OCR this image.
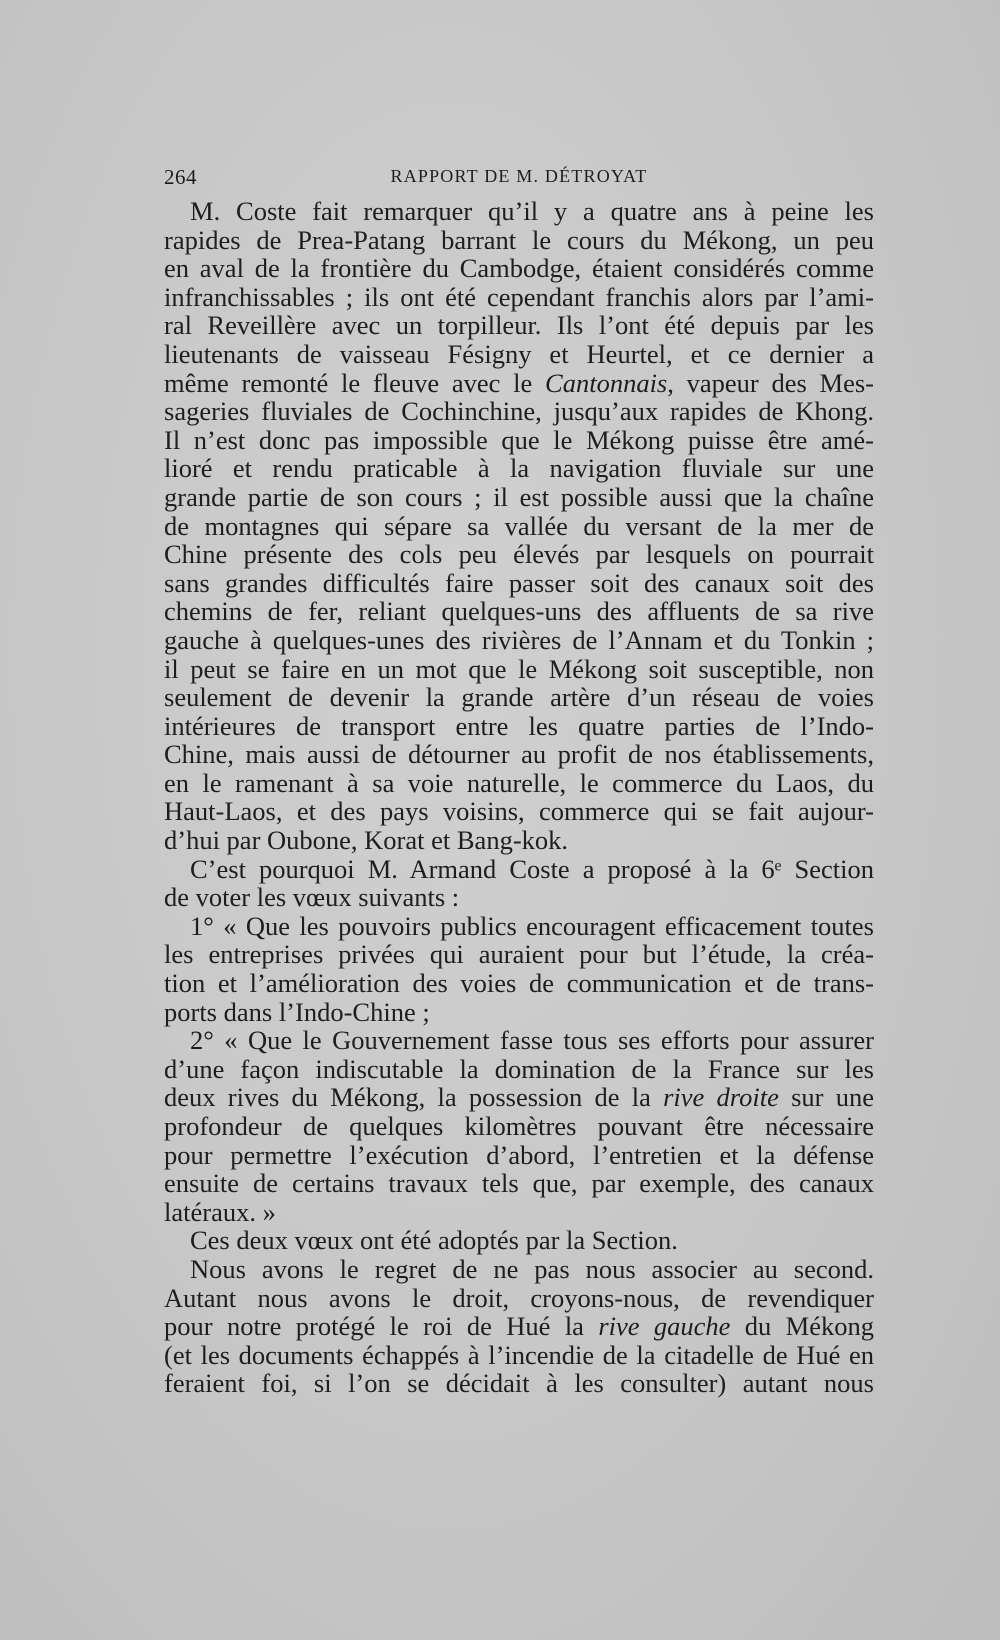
264	RAPPORT DE M. DÉTROYAT
M. Coste fait remarquer qu’il y a quatre ans à peine les
rapides de Prea-Patang barrant le cours du Mékong, un peu
en aval de la frontière du Cambodge, étaient considérés comme
infranchissables ; ils ont été cependant franchis alors par l’ami-
ral Reveillère avec un torpilleur. Ils l’ont été depuis par les
lieutenants de vaisseau Fésigny et Heurtel, et ce dernier a
même remonté le fleuve avec le Cantonnais, vapeur des Mes-
sageries fluviales de Cochinchine, jusqu’aux rapides de Khong.
Il n’est donc pas impossible que le Mékong puisse être amé-
lioré et rendu praticable à la navigation fluviale sur une
grande partie de son cours ; il est possible aussi que la chaîne
de montagnes qui sépare sa vallée du versant de la mer de
Chine présente des cols peu élevés par lesquels on pourrait
sans grandes difficultés faire passer soit des canaux soit des
chemins de fer, reliant quelques-uns des affluents de sa rive
gauche à quelques-unes des rivières de l’Annam et du Tonkin ;
il peut se faire en un mot que le Mékong soit susceptible, non
seulement de devenir la grande artère d’un réseau de voies
intérieures de transport entre les quatre parties de l’Indo-
Chine, mais aussi de détourner au profit de nos établissements,
en le ramenant à sa voie naturelle, le commerce du Laos, du
Haut-Laos, et des pays voisins, commerce qui se fait aujour-
d’hui par Oubone, Korat et Bang-kok.
C’est pourquoi M. Armand Coste a proposé à la 6ᵉ Section
de voter les vœux suivants :
1° « Que les pouvoirs publics encouragent efficacement toutes
les entreprises privées qui auraient pour but l’étude, la créa-
tion et l’amélioration des voies de communication et de trans-
ports dans l’Indo-Chine ;
2° « Que le Gouvernement fasse tous ses efforts pour assurer
d’une façon indiscutable la domination de la France sur les
deux rives du Mékong, la possession de la rive droite sur une
profondeur de quelques kilomètres pouvant être nécessaire
pour permettre l’exécution d’abord, l’entretien et la défense
ensuite de certains travaux tels que, par exemple, des canaux
latéraux. »
Ces deux vœux ont été adoptés par la Section.
Nous avons le regret de ne pas nous associer au second.
Autant nous avons le droit, croyons-nous, de revendiquer
pour notre protégé le roi de Hué la rive gauche du Mékong
(et les documents échappés à l’incendie de la citadelle de Hué en
feraient foi, si l’on se décidait à les consulter) autant nous
